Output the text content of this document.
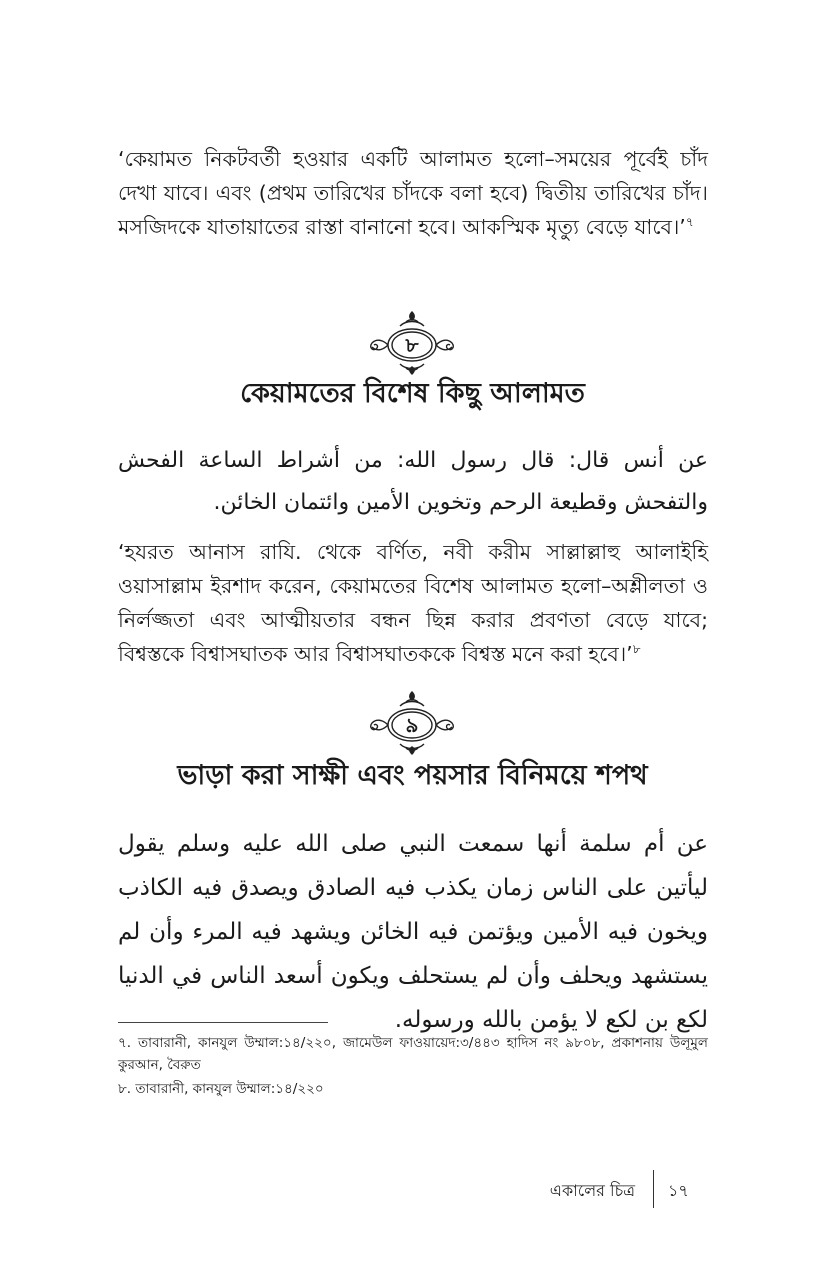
‘কেয়ামত নিকটবর্তী হওয়ার একটি আলামত হলো–সময়ের পূর্বেই চাঁদ দেখা যাবে। এবং (প্রথম তারিখের চাঁদকে বলা হবে) দ্বিতীয় তারিখের চাঁদ। মসজিদকে যাতায়াতের রাস্তা বানানো হবে। আকস্মিক মৃত্যু বেড়ে যাবে।’$^৭$

৮
কেয়ামতের বিশেষ কিছু আলামত

عن أنس قال: قال رسول الله: من أشراط الساعة الفحش والتفحش وقطيعة الرحم وتخوين الأمين وائتمان الخائن.

‘হযরত আনাস রাযি. থেকে বর্ণিত, নবী করীম সাল্লাল্লাহু আলাইহি ওয়াসাল্লাম ইরশাদ করেন, কেয়ামতের বিশেষ আলামত হলো–অশ্লীলতা ও নির্লজ্জতা এবং আত্মীয়তার বন্ধন ছিন্ন করার প্রবণতা বেড়ে যাবে; বিশ্বস্তকে বিশ্বাসঘাতক আর বিশ্বাসঘাতককে বিশ্বস্ত মনে করা হবে।’$^৮$

৯
ভাড়া করা সাক্ষী এবং পয়সার বিনিময়ে শপথ

عن أم سلمة أنها سمعت النبي صلى الله عليه وسلم يقول ليأتين على الناس زمان يكذب فيه الصادق ويصدق فيه الكاذب ويخون فيه الأمين ويؤتمن فيه الخائن ويشهد فيه المرء وأن لم يستشهد ويحلف وأن لم يستحلف ويكون أسعد الناس في الدنيا لكع بن لكع لا يؤمن بالله ورسوله.

৭. তাবারানী, কানযুল উম্মাল:১৪/২২০, জামেউল ফাওয়ায়েদ:৩/৪৪৩ হাদিস নং ৯৮০৮, প্রকাশনায় উলূমুল কুরআন, বৈরুত

৮. তাবারানী, কানযুল উম্মাল:১৪/২২০

একালের চিত্র ১৭
